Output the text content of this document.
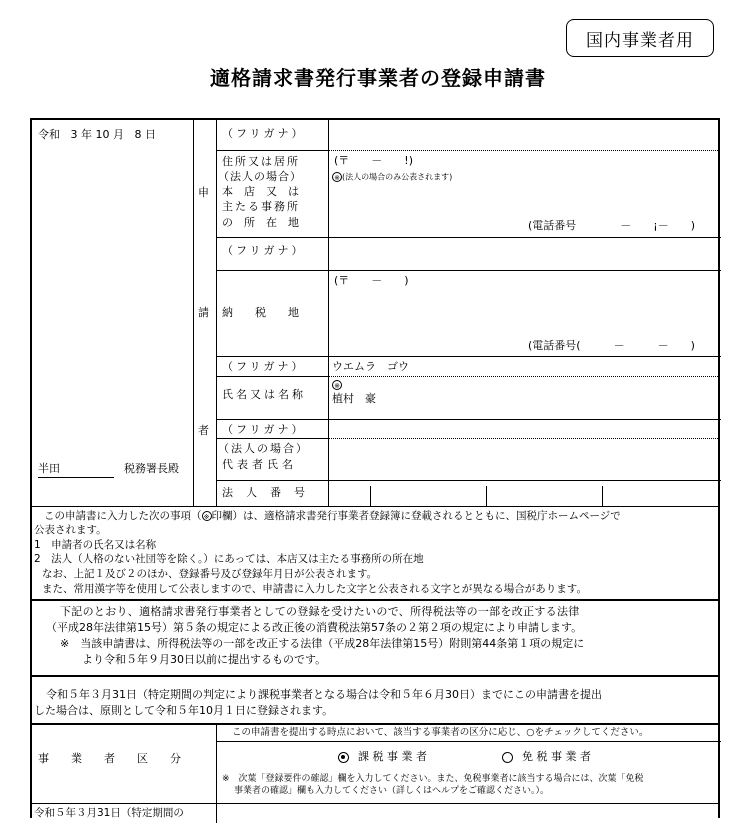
国内事業者用
適格請求書発行事業者の登録申請書
令和 3 年 10 月 8 日
半田	税務署長殿
申
請
者
（フリガナ）
住所又は居所
（法人の場合）
本　店　又　は
主たる事務所
の　所　在　地
(〒　　－　　!)
※ (法人の場合のみ公表されます)
(電話番号　　　　－　　¡－　　)
（フリガナ）
納　　税　　地
(〒　　－　　)
(電話番号(　　　－　　　－　　)
（フリガナ） ウエムラ　ゴウ
氏名又は名称
※
植村　豪
（フリガナ）
（法人の場合）
代表者氏名
法　人　番　号
この申請書に入力した次の事項（ ※ 印欄）は、適格請求書発行事業者登録簿に登載されるとともに、国税庁ホームページで
公表されます。
1　申請者の氏名又は名称
2　法人（人格のない社団等を除く。）にあっては、本店又は主たる事務所の所在地
なお、上記１及び２のほか、登録番号及び登録年月日が公表されます。
また、常用漢字等を使用して公表しますので、申請書に入力した文字と公表される文字とが異なる場合があります。
下記のとおり、適格請求書発行事業者としての登録を受けたいので、所得税法等の一部を改正する法律
（平成28年法律第15号）第５条の規定による改正後の消費税法第57条の２第２項の規定により申請します。
※　当該申請書は、所得税法等の一部を改正する法律（平成28年法律第15号）附則第44条第１項の規定に
より令和５年９月30日以前に提出するものです。
令和５年３月31日（特定期間の判定により課税事業者となる場合は令和５年６月30日）までにこの申請書を提出
した場合は、原則として令和５年10月１日に登録されます。
事　　業　　者　　区　　分
この申請書を提出する時点において、該当する事業者の区分に応じ、○をチェックしてください。
課 税 事 業 者	免 税 事 業 者
※　次葉「登録要件の確認」欄を入力してください。また、免税事業者に該当する場合には、次葉「免税
事業者の確認」欄も入力してください（詳しくはヘルプをご確認ください。）。
令和５年３月31日（特定期間の
